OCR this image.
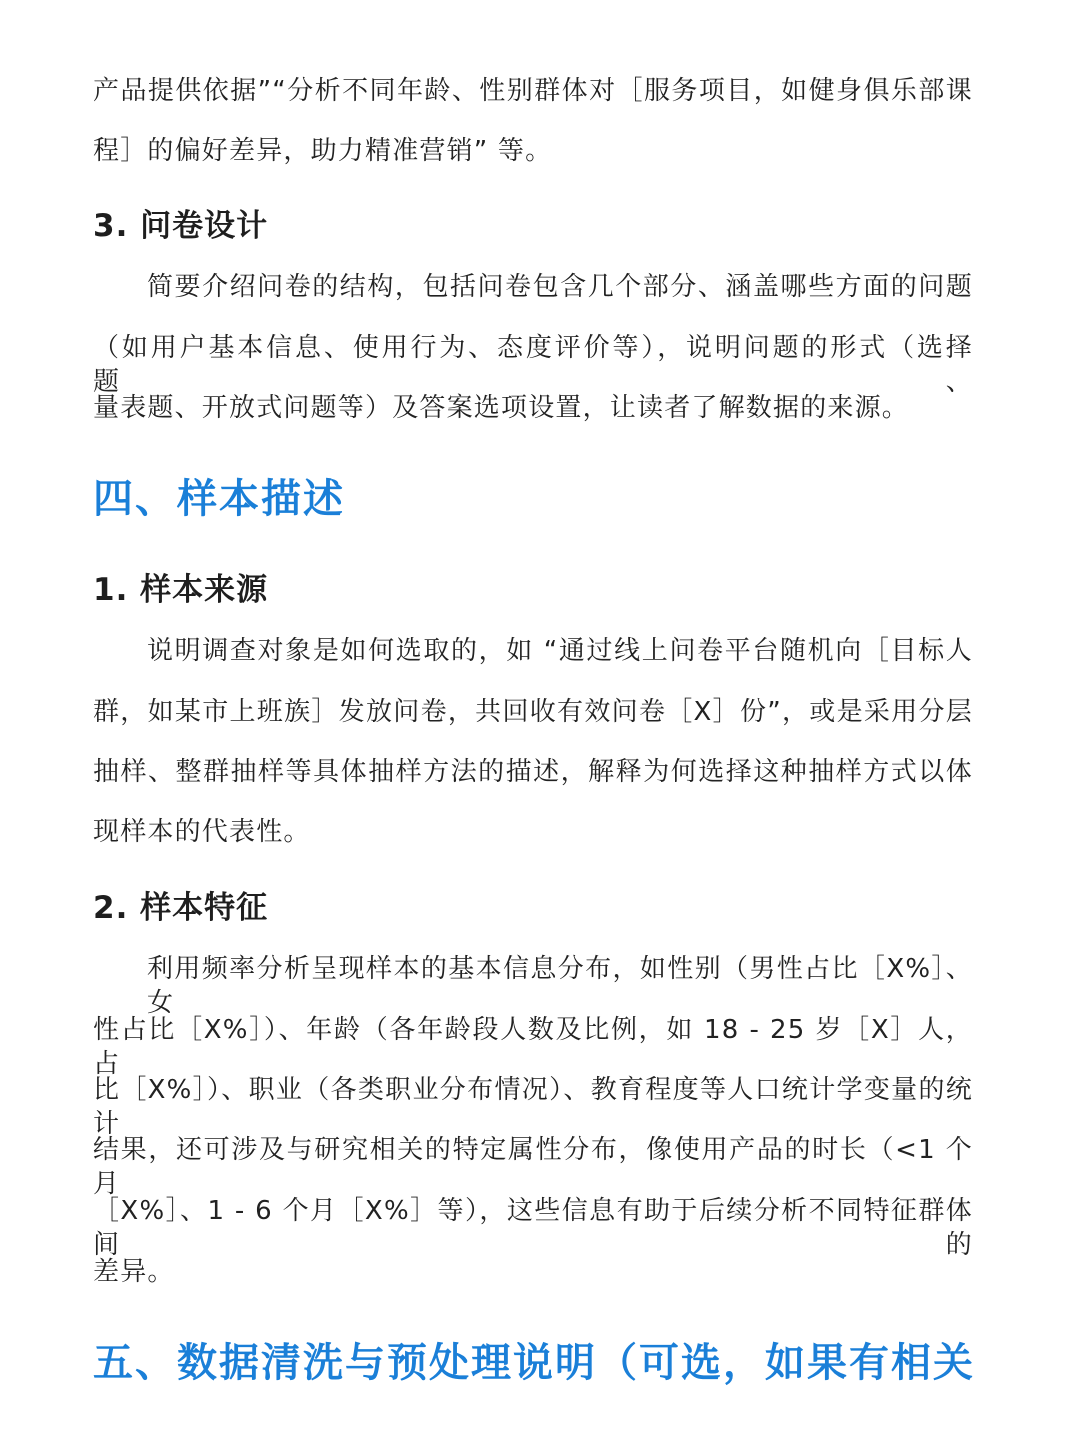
产品提供依据”“分析不同年龄、性别群体对［服务项目，如健身俱乐部课
程］的偏好差异，助力精准营销” 等。
3. 问卷设计
简要介绍问卷的结构，包括问卷包含几个部分、涵盖哪些方面的问题
（如用户基本信息、使用行为、态度评价等），说明问题的形式（选择题、
量表题、开放式问题等）及答案选项设置，让读者了解数据的来源。
四、样本描述
1. 样本来源
说明调查对象是如何选取的，如 “通过线上问卷平台随机向［目标人
群，如某市上班族］发放问卷，共回收有效问卷［X］份”，或是采用分层
抽样、整群抽样等具体抽样方法的描述，解释为何选择这种抽样方式以体
现样本的代表性。
2. 样本特征
利用频率分析呈现样本的基本信息分布，如性别（男性占比［X%］、女
性占比［X%］）、年龄（各年龄段人数及比例，如 18 - 25 岁［X］人，占
比［X%］）、职业（各类职业分布情况）、教育程度等人口统计学变量的统计
结果，还可涉及与研究相关的特定属性分布，像使用产品的时长（<1 个月
［X%］、1 - 6 个月［X%］等），这些信息有助于后续分析不同特征群体间的
差异。
五、数据清洗与预处理说明（可选，如果有相关
